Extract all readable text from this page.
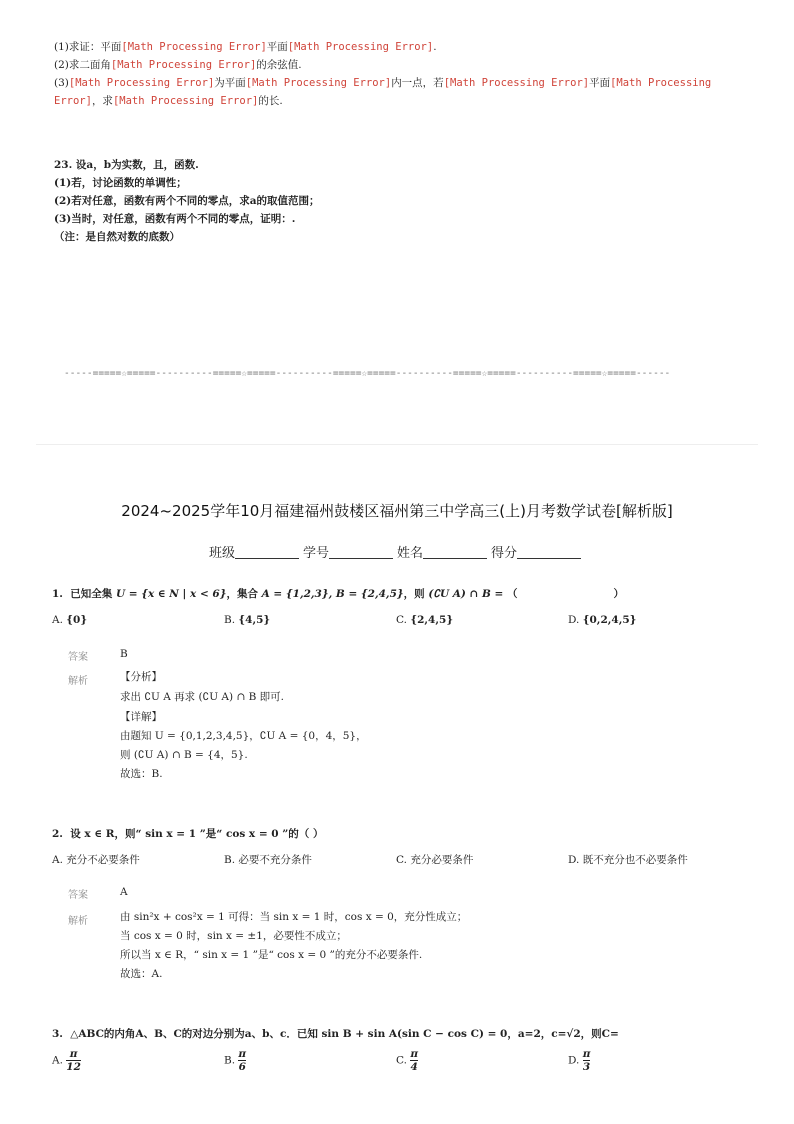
(1)求证：平面[Math Processing Error]平面[Math Processing Error].
(2)求二面角[Math Processing Error]的余弦值.
(3)[Math Processing Error]为平面[Math Processing Error]内一点，若[Math Processing Error]平面[Math Processing
Error]，求[Math Processing Error]的长.
23. 设a，b为实数，且，函数.
(1)若，讨论函数的单调性；
(2)若对任意，函数有两个不同的零点，求a的取值范围；
(3)当时，对任意，函数有两个不同的零点，证明：.
（注：是自然对数的底数）
-----=====☆=====----------=====☆=====----------=====☆=====----------=====☆=====----------=====☆=====------
2024~2025学年10月福建福州鼓楼区福州第三中学高三(上)月考数学试卷[解析版]
班级	学号	姓名	得分
1. 已知全集 U = {x ∈ N | x < 6}，集合 A = {1,2,3}, B = {2,4,5}，则 (∁U A) ∩ B = （	）
A. {0}	B. {4,5}	C. {2,4,5}	D. {0,2,4,5}
答案	B
解析	【分析】
求出 ∁U A 再求 (∁U A) ∩ B 即可.
【详解】
由题知 U = {0,1,2,3,4,5}，∁U A = {0，4，5}，
则 (∁U A) ∩ B = {4，5}.
故选：B.
2. 设 x ∈ R，则“ sin x = 1 ”是“ cos x = 0 ”的（ ）
A. 充分不必要条件	B. 必要不充分条件	C. 充分必要条件	D. 既不充分也不必要条件
答案	A
解析	由 sin²x + cos²x = 1 可得：当 sin x = 1 时，cos x = 0，充分性成立；
当 cos x = 0 时，sin x = ±1，必要性不成立；
所以当 x ∈ R，“ sin x = 1 ”是“ cos x = 0 ”的充分不必要条件.
故选：A.
3. △ABC的内角A、B、C的对边分别为a、b、c．已知 sin B + sin A(sin C − cos C) = 0，a=2，c=√2，则C=
A. $\frac{\pi}{12}$	B. $\frac{\pi}{6}$	C. $\frac{\pi}{4}$	D. $\frac{\pi}{3}$
